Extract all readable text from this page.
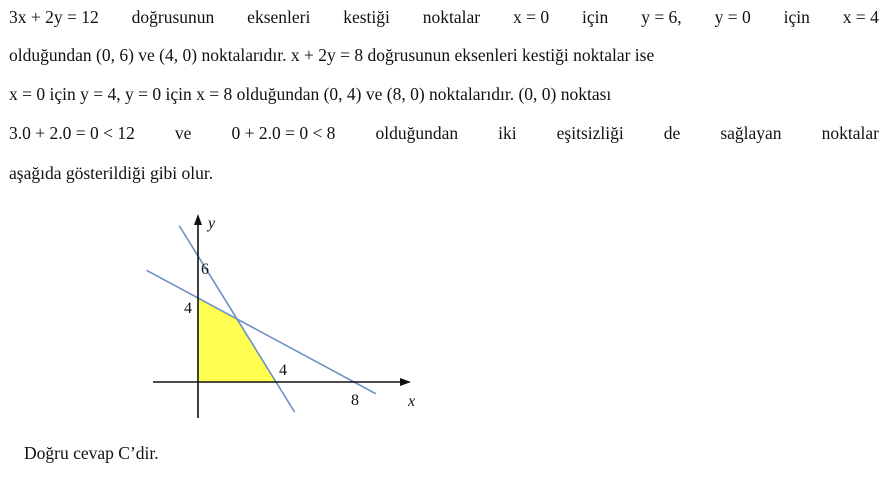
3x + 2y = 12 doğrusunun eksenleri kestiği noktalar x = 0 için y = 6, y = 0 için x = 4
olduğundan (0, 6) ve (4, 0) noktalarıdır. x + 2y = 8 doğrusunun eksenleri kestiği noktalar ise
x = 0 için y = 4, y = 0 için x = 8 olduğundan (0, 4) ve (8, 0) noktalarıdır. (0, 0) noktası
3.0 + 2.0 = 0 < 12 ve 0 + 2.0 = 0 < 8 olduğundan iki eşitsizliği de sağlayan noktalar
aşağıda gösterildiği gibi olur.
y
x
6
4
4
8
Doğru cevap C’dir.
